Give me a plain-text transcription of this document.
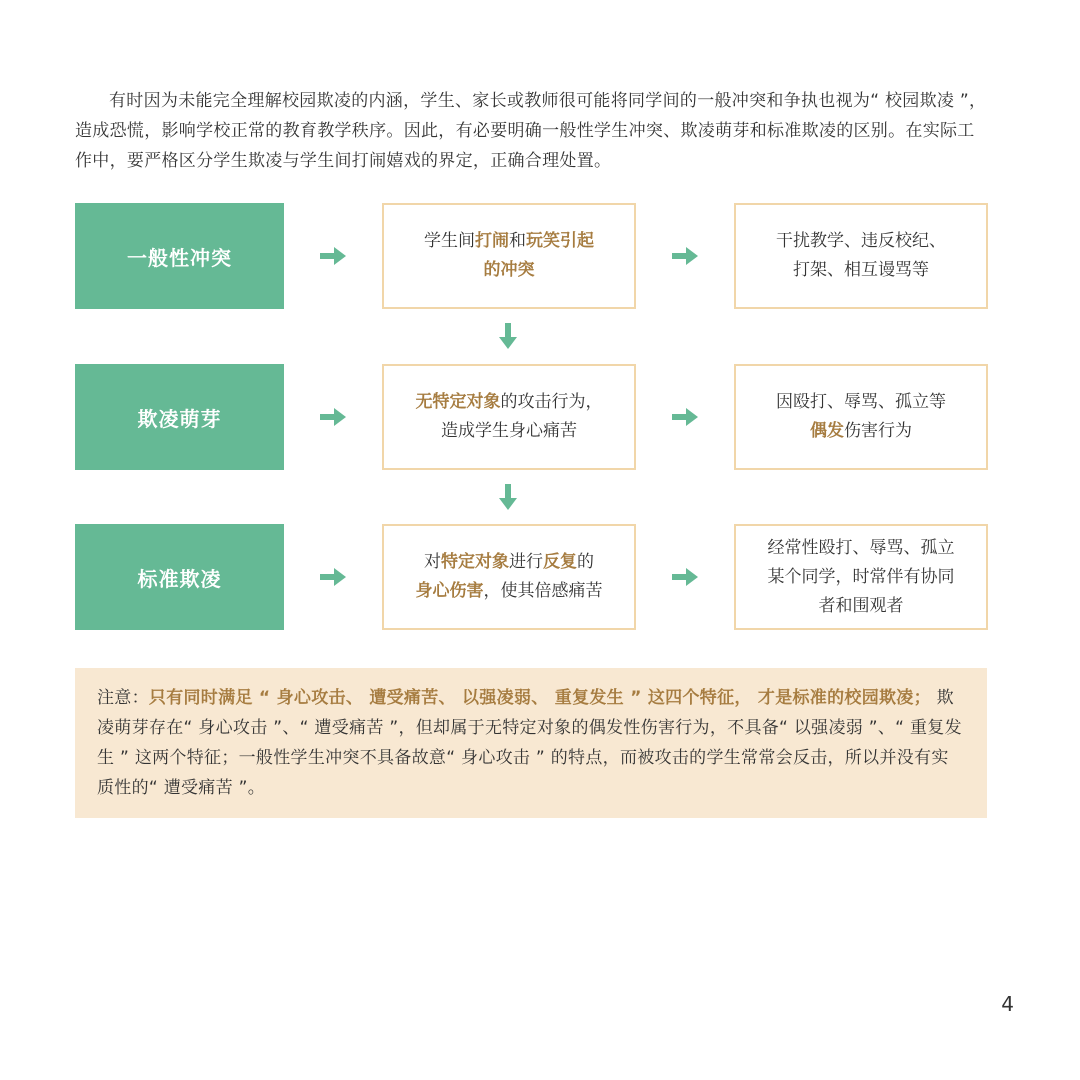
有时因为未能完全理解校园欺凌的内涵，学生、家长或教师很可能将同学间的一般冲突和争执也视为“ 校园欺凌 ”，造成恐慌，影响学校正常的教育教学秩序。因此，有必要明确一般性学生冲突、欺凌萌芽和标准欺凌的区别。在实际工作中，要严格区分学生欺凌与学生间打闹嬉戏的界定，正确合理处置。

一般性冲突
学生间打闹和玩笑引起
的冲突
干扰教学、违反校纪、
打架、相互谩骂等
欺凌萌芽
无特定对象的攻击行为，
造成学生身心痛苦
因殴打、辱骂、孤立等
偶发伤害行为
标准欺凌
对特定对象进行反复的
身心伤害，使其倍感痛苦
经常性殴打、辱骂、孤立
某个同学，时常伴有协同
者和围观者
注意：只有同时满足 “ 身心攻击、 遭受痛苦、 以强凌弱、 重复发生 ” 这四个特征， 才是标准的校园欺凌； 欺凌萌芽存在“ 身心攻击 ”、“ 遭受痛苦 ”，但却属于无特定对象的偶发性伤害行为，不具备“ 以强凌弱 ”、“ 重复发生 ” 这两个特征；一般性学生冲突不具备故意“ 身心攻击 ” 的特点，而被攻击的学生常常会反击，所以并没有实质性的“ 遭受痛苦 ”。
4
